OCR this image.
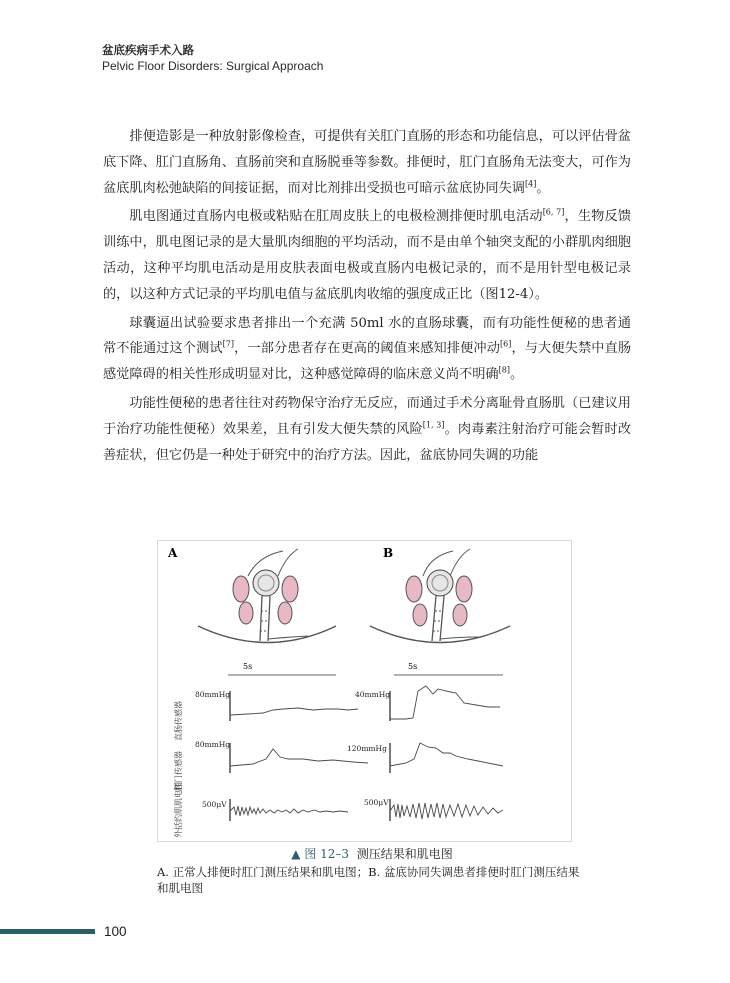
盆底疾病手术入路
Pelvic Floor Disorders: Surgical Approach

排便造影是一种放射影像检查，可提供有关肛门直肠的形态和功能信息，可以评估骨盆底下降、肛门直肠角、直肠前突和直肠脱垂等参数。排便时，肛门直肠角无法变大，可作为盆底肌肉松弛缺陷的间接证据，而对比剂排出受损也可暗示盆底协同失调[4]。

肌电图通过直肠内电极或粘贴在肛周皮肤上的电极检测排便时肌电活动[6, 7]，生物反馈训练中，肌电图记录的是大量肌肉细胞的平均活动，而不是由单个轴突支配的小群肌肉细胞活动，这种平均肌电活动是用皮肤表面电极或直肠内电极记录的，而不是用针型电极记录的，以这种方式记录的平均肌电值与盆底肌肉收缩的强度成正比（图12-4）。

球囊逼出试验要求患者排出一个充满 50ml 水的直肠球囊，而有功能性便秘的患者通常不能通过这个测试[7]，一部分患者存在更高的阈值来感知排便冲动[6]，与大便失禁中直肠感觉障碍的相关性形成明显对比，这种感觉障碍的临床意义尚不明确[8]。

功能性便秘的患者往往对药物保守治疗无反应，而通过手术分离耻骨直肠肌（已建议用于治疗功能性便秘）效果差，且有引发大便失禁的风险[1, 3]。肉毒素注射治疗可能会暂时改善症状，但它仍是一种处于研究中的治疗方法。因此，盆底协同失调的功能

A	B
直肠传感器
肛门传感器
外括约肌肌电图
5s	5s
80mmHg
80mmHg
500μV
40mmHg
120mmHg
500μV
▲ 图 12–3 测压结果和肌电图
A. 正常人排便时肛门测压结果和肌电图；B. 盆底协同失调患者排便时肛门测压结果和肌电图
100
